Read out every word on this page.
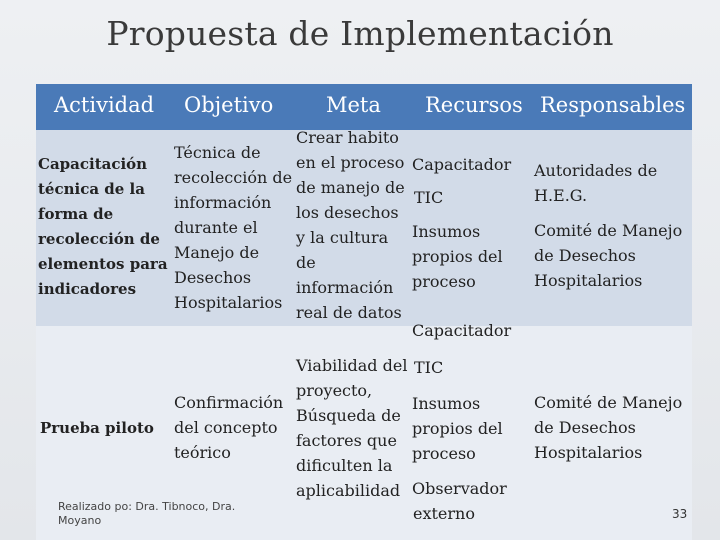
Propuesta de Implementación
Actividad Objetivo	Meta Recursos Responsables
Capacitación
técnica de la
forma de
recolección de
elementos para
indicadores
Técnica de
recolección de
información
durante el
Manejo de
Desechos
Hospitalarios
Crear habito
en el proceso
de manejo de
los desechos
y la cultura
de
información
real de datos
Capacitador
TIC
Insumos
propios del
proceso
Autoridades de
H.E.G.
Comité de Manejo
de Desechos
Hospitalarios
Prueba piloto
Confirmación
del concepto
teórico
Viabilidad del
proyecto,
Búsqueda de
factores que
dificulten la
aplicabilidad
Capacitador
TIC
Insumos
propios del
proceso
Observador
externo
Comité de Manejo
de Desechos
Hospitalarios
Realizado po: Dra. Tibnoco, Dra.
Moyano	33
